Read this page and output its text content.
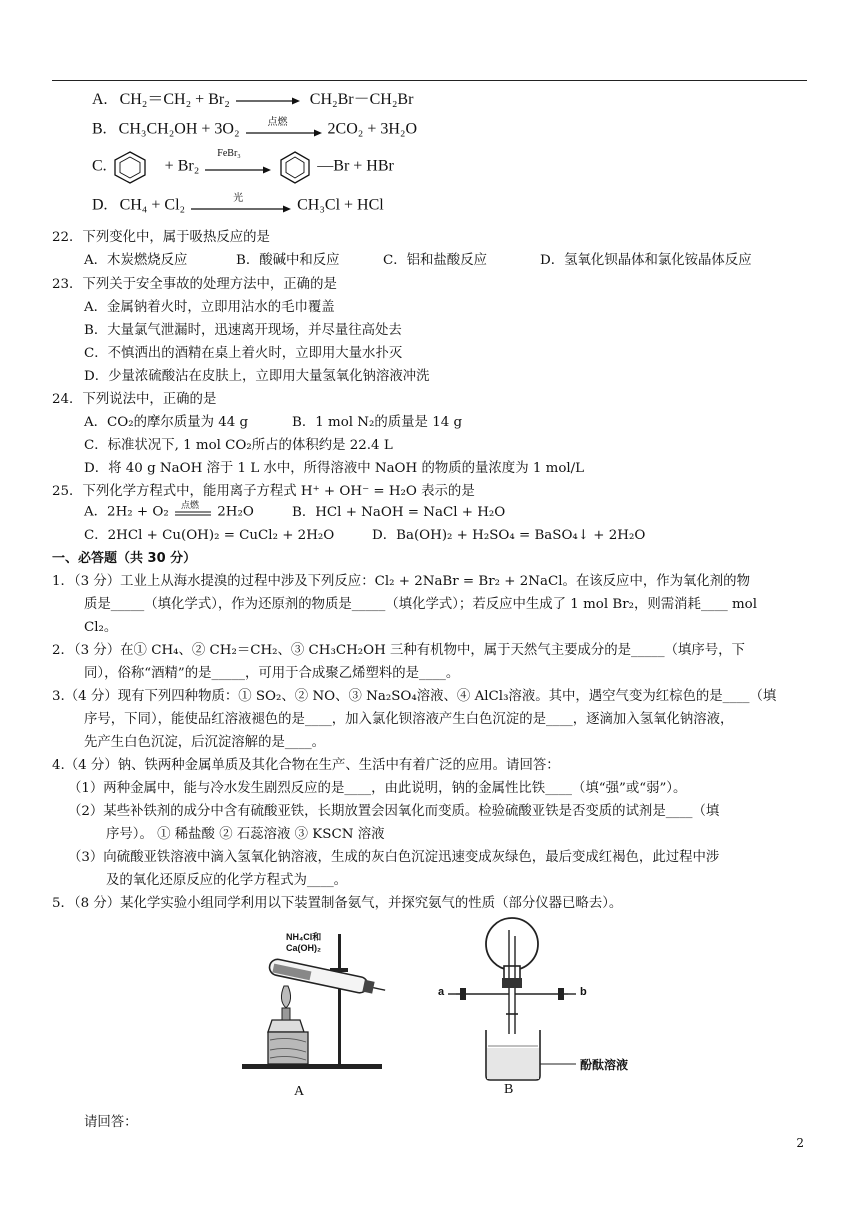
A. CH₂＝CH₂ + Br₂	CH₂Br－CH₂Br
B. CH₃CH₂OH + 3O₂	点燃	2CO₂ + 3H₂O
C.	+ Br₂
FeBr₃
—Br + HBr
D. CH₄ + Cl₂	光	CH₃Cl + HCl
22．下列变化中，属于吸热反应的是
A．木炭燃烧反应	B．酸碱中和反应	C．铝和盐酸反应	D．氢氧化钡晶体和氯化铵晶体反应
23．下列关于安全事故的处理方法中，正确的是
A．金属钠着火时，立即用沾水的毛巾覆盖
B．大量氯气泄漏时，迅速离开现场，并尽量往高处去
C．不慎洒出的酒精在桌上着火时，立即用大量水扑灭
D．少量浓硫酸沾在皮肤上，立即用大量氢氧化钠溶液冲洗
24．下列说法中，正确的是
A．CO₂的摩尔质量为 44 g	B．1 mol N₂的质量是 14 g
C．标准状况下, 1 mol CO₂所占的体积约是 22.4 L
D．将 40 g NaOH 溶于 1 L 水中，所得溶液中 NaOH 的物质的量浓度为 1 mol/L
25．下列化学方程式中，能用离子方程式 H⁺ + OH⁻ = H₂O 表示的是
A．2H₂ + O₂ 点燃 2H₂O	B．HCl + NaOH = NaCl + H₂O
C．2HCl + Cu(OH)₂ = CuCl₂ + 2H₂O	D．Ba(OH)₂ + H₂SO₄ = BaSO₄↓ + 2H₂O
一、必答题（共 30 分）
1．（3 分）工业上从海水提溴的过程中涉及下列反应：Cl₂ + 2NaBr = Br₂ + 2NaCl。在该反应中，作为氧化剂的物
质是_____（填化学式），作为还原剂的物质是_____（填化学式）；若反应中生成了 1 mol Br₂，则需消耗____ mol
Cl₂。
2．（3 分）在① CH₄、② CH₂＝CH₂、③ CH₃CH₂OH 三种有机物中，属于天然气主要成分的是_____（填序号，下
同），俗称“酒精”的是_____，可用于合成聚乙烯塑料的是____。
3.（4 分）现有下列四种物质：① SO₂、② NO、③ Na₂SO₄溶液、④ AlCl₃溶液。其中，遇空气变为红棕色的是____（填
序号，下同），能使品红溶液褪色的是____，加入氯化钡溶液产生白色沉淀的是____，逐滴加入氢氧化钠溶液，
先产生白色沉淀，后沉淀溶解的是____。
4.（4 分）钠、铁两种金属单质及其化合物在生产、生活中有着广泛的应用。请回答：
（1）两种金属中，能与冷水发生剧烈反应的是____，由此说明，钠的金属性比铁____（填“强”或“弱”）。
（2）某些补铁剂的成分中含有硫酸亚铁，长期放置会因氧化而变质。检验硫酸亚铁是否变质的试剂是____（填
序号）。 ① 稀盐酸 ② 石蕊溶液 ③ KSCN 溶液
（3）向硫酸亚铁溶液中滴入氢氧化钠溶液，生成的灰白色沉淀迅速变成灰绿色，最后变成红褐色，此过程中涉
及的氧化还原反应的化学方程式为____。
5．（8 分）某化学实验小组同学利用以下装置制备氨气，并探究氨气的性质（部分仪器已略去）。
NH₄Cl和
Ca(OH)₂
A
a	b
酚酞溶液
B
请回答：
2
